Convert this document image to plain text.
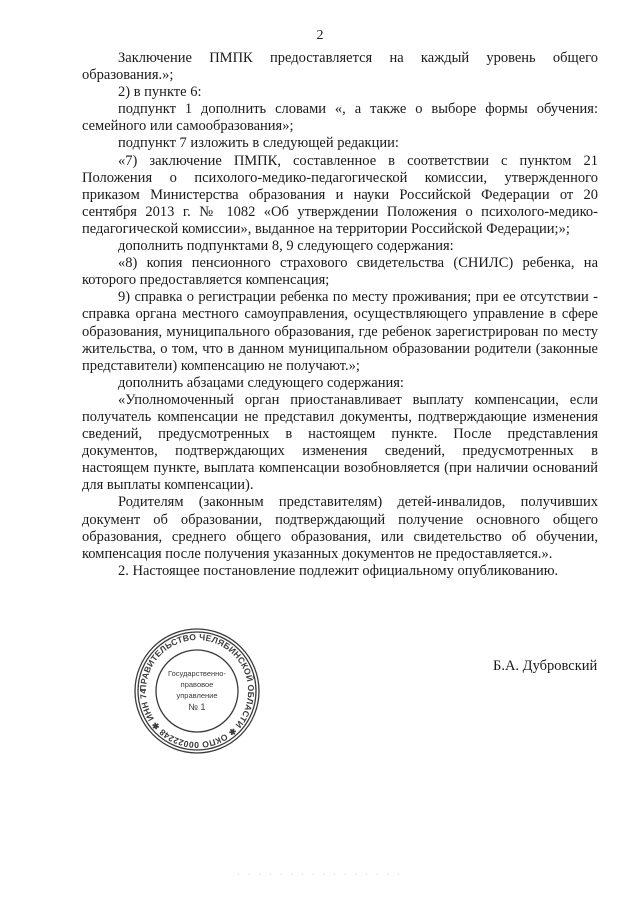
2

Заключение ПМПК предоставляется на каждый уровень общего образования.»;

2) в пункте 6:

подпункт 1 дополнить словами «, а также о выборе формы обучения: семейного или самообразования»;

подпункт 7 изложить в следующей редакции:

«7) заключение ПМПК, составленное в соответствии с пунктом 21 Положения о психолого-медико-педагогической комиссии, утвержденного приказом Министерства образования и науки Российской Федерации от 20 сентября 2013 г. № 1082 «Об утверждении Положения о психолого-медико-педагогической комиссии», выданное на территории Российской Федерации;»;

дополнить подпунктами 8, 9 следующего содержания:

«8) копия пенсионного страхового свидетельства (СНИЛС) ребенка, на которого предоставляется компенсация;

9) справка о регистрации ребенка по месту проживания; при ее отсутствии - справка органа местного самоуправления, осуществляющего управление в сфере образования, муниципального образования, где ребенок зарегистрирован по месту жительства, о том, что в данном муниципальном образовании родители (законные представители) компенсацию не получают.»;

дополнить абзацами следующего содержания:

«Уполномоченный орган приостанавливает выплату компенсации, если получатель компенсации не представил документы, подтверждающие изменения сведений, предусмотренных в настоящем пункте. После представления документов, подтверждающих изменения сведений, предусмотренных в настоящем пункте, выплата компенсации возобновляется (при наличии оснований для выплаты компенсации).

Родителям (законным представителям) детей-инвалидов, получивших документ об образовании, подтверждающий получение основного общего образования, среднего общего образования, или свидетельство об обучении, компенсация после получения указанных документов не предоставляется.».

2. Настоящее постановление подлежит официальному опубликованию.

ПРАВИТЕЛЬСТВО ЧЕЛЯБИНСКОЙ ОБЛАСТИ ✱ ОКПО 00022248 ✱ ИНН 74
Государственно-
правовое
управление
№ 1
Б.А. Дубровский
· · · · · · · · · · · · · · · ·
